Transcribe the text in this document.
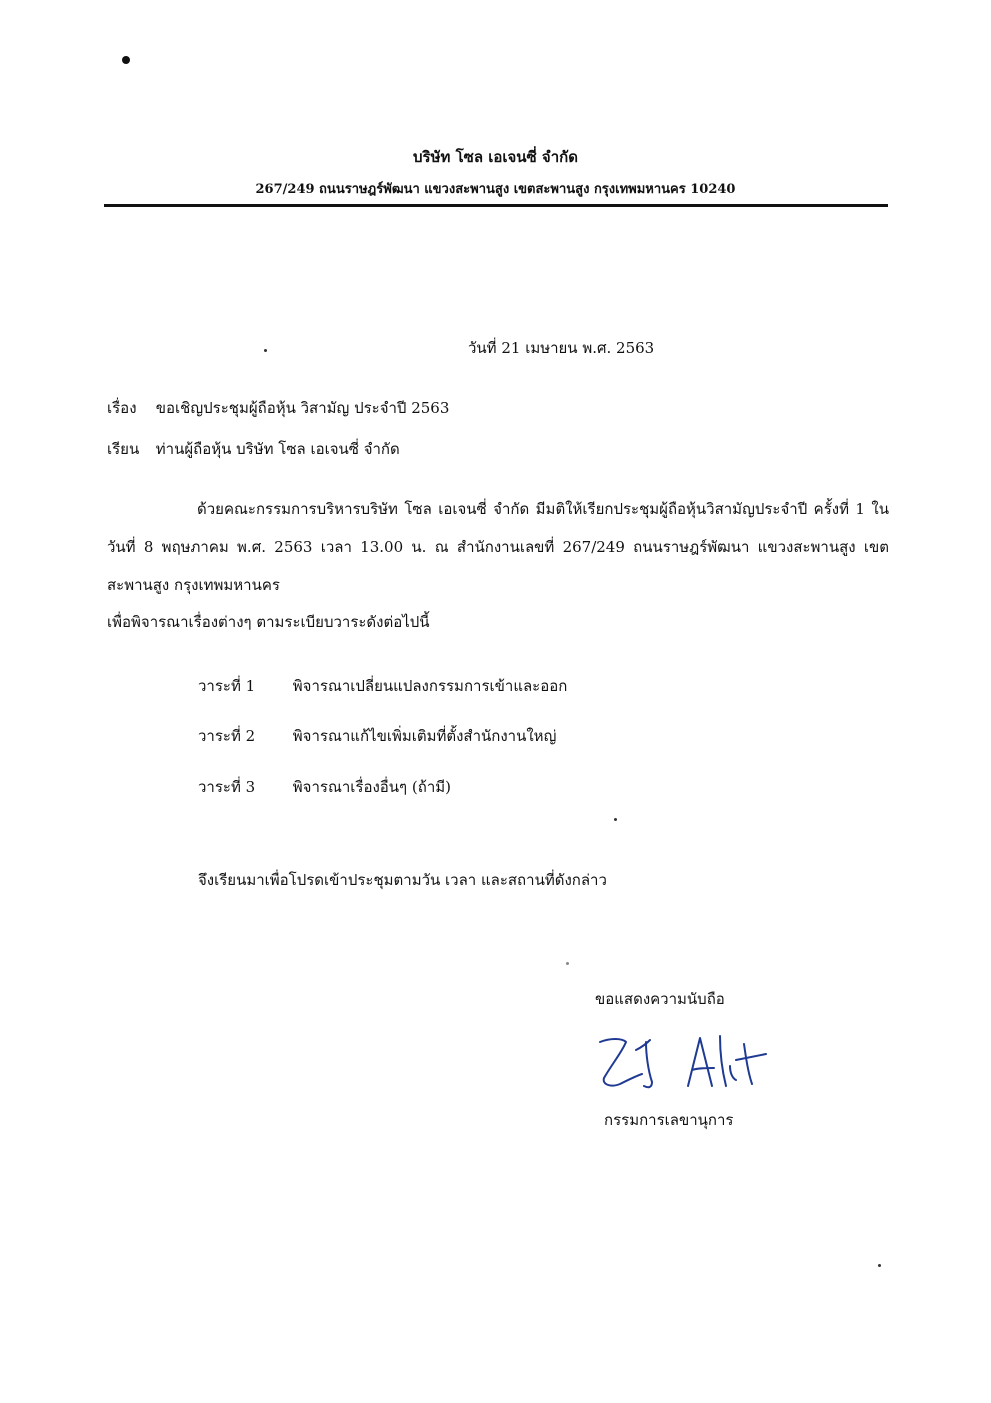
บริษัท โซล เอเจนซี่ จำกัด
267/249 ถนนราษฎร์พัฒนา แขวงสะพานสูง เขตสะพานสูง กรุงเทพมหานคร 10240
วันที่ 21 เมษายน พ.ศ. 2563
เรื่อง ขอเชิญประชุมผู้ถือหุ้น วิสามัญ ประจำปี 2563
เรียน ท่านผู้ถือหุ้น บริษัท โซล เอเจนซี่ จำกัด
ด้วยคณะกรรมการบริหารบริษัท โซล เอเจนซี่ จำกัด มีมติให้เรียกประชุมผู้ถือหุ้นวิสามัญประจำปี ครั้งที่ 1 ในวันที่ 8 พฤษภาคม พ.ศ. 2563 เวลา 13.00 น. ณ สำนักงานเลขที่ 267/249 ถนนราษฎร์พัฒนา แขวงสะพานสูง เขตสะพานสูง กรุงเทพมหานคร
เพื่อพิจารณาเรื่องต่างๆ ตามระเบียบวาระดังต่อไปนี้
วาระที่ 1	พิจารณาเปลี่ยนแปลงกรรมการเข้าและออก
วาระที่ 2	พิจารณาแก้ไขเพิ่มเติมที่ตั้งสำนักงานใหญ่
วาระที่ 3	พิจารณาเรื่องอื่นๆ (ถ้ามี)
จึงเรียนมาเพื่อโปรดเข้าประชุมตามวัน เวลา และสถานที่ดังกล่าว
ขอแสดงความนับถือ
กรรมการเลขานุการ
